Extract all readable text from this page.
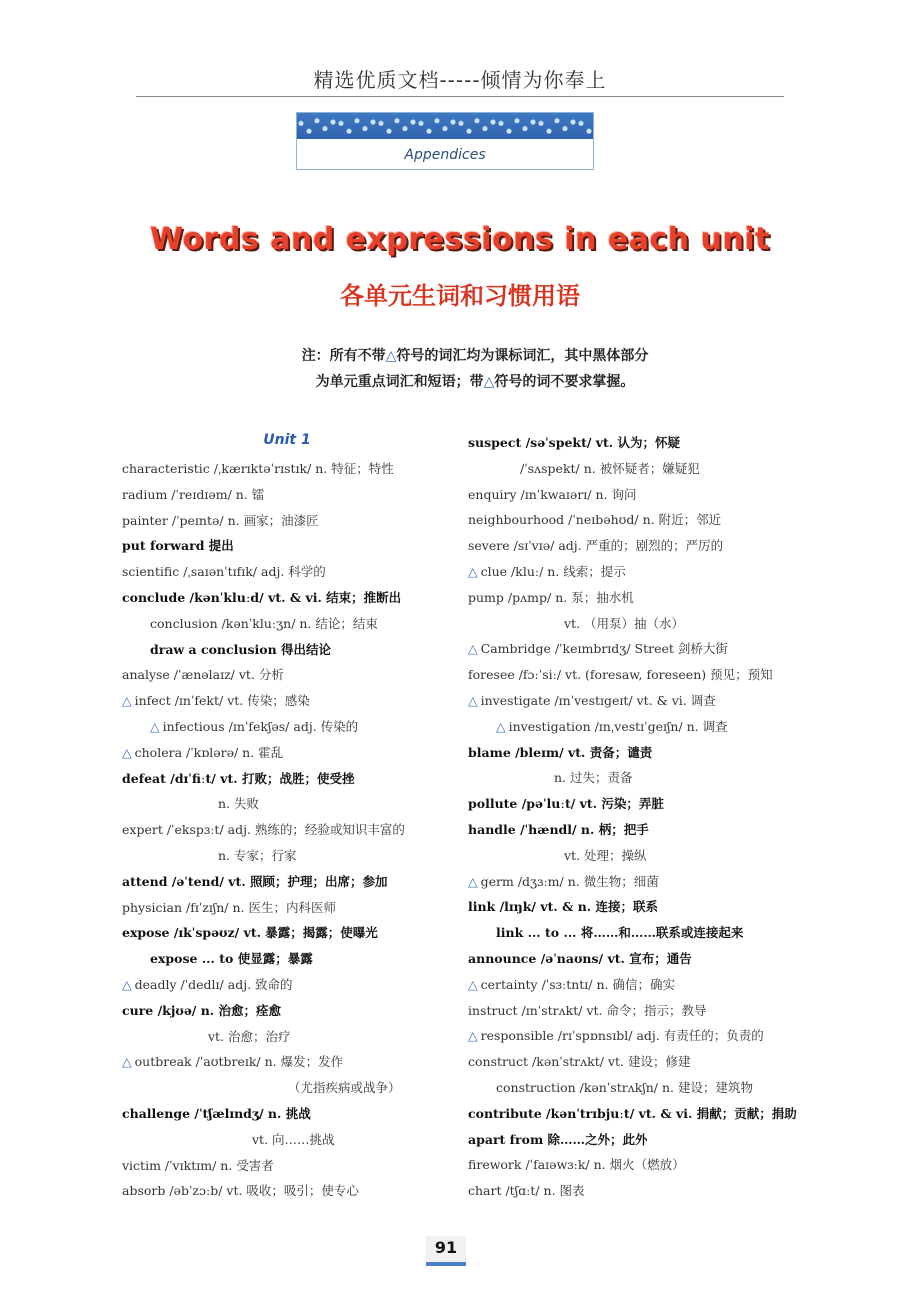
精选优质文档-----倾情为你奉上
Appendices
Words and expressions in each unit
各单元生词和习惯用语
注：所有不带△符号的词汇均为课标词汇，其中黑体部分
为单元重点词汇和短语；带△符号的词不要求掌握。
Unit 1
characteristic /ˌkærɪktəˈrɪstɪk/ n. 特征；特性
radium /ˈreɪdɪəm/ n. 镭
painter /ˈpeɪntə/ n. 画家；油漆匠
put forward 提出
scientific /ˌsaɪənˈtɪfɪk/ adj. 科学的
conclude /kənˈkluːd/ vt. & vi. 结束；推断出
conclusion /kənˈkluːʒn/ n. 结论；结束
draw a conclusion 得出结论
analyse /ˈænəlaɪz/ vt. 分析
△ infect /ɪnˈfekt/ vt. 传染；感染
△ infectious /ɪnˈfekʃəs/ adj. 传染的
△ cholera /ˈkɒlərə/ n. 霍乱
defeat /dɪˈfiːt/ vt. 打败；战胜；使受挫
n. 失败
expert /ˈekspɜːt/ adj. 熟练的；经验或知识丰富的
n. 专家；行家
attend /əˈtend/ vt. 照顾；护理；出席；参加
physician /fɪˈzɪʃn/ n. 医生；内科医师
expose /ɪkˈspəʊz/ vt. 暴露；揭露；使曝光
expose ... to 使显露；暴露
△ deadly /ˈdedlɪ/ adj. 致命的
cure /kjʊə/ n. 治愈；痊愈
vt. 治愈；治疗
△ outbreak /ˈaʊtbreɪk/ n. 爆发；发作
（尤指疾病或战争）
challenge /ˈtʃælɪndʒ/ n. 挑战
vt. 向……挑战
victim /ˈvɪktɪm/ n. 受害者
absorb /əbˈzɔːb/ vt. 吸收；吸引；使专心
suspect /səˈspekt/ vt. 认为；怀疑
/ˈsʌspekt/ n. 被怀疑者；嫌疑犯
enquiry /ɪnˈkwaɪərɪ/ n. 询问
neighbourhood /ˈneɪbəhʊd/ n. 附近；邻近
severe /sɪˈvɪə/ adj. 严重的；剧烈的；严厉的
△ clue /kluː/ n. 线索；提示
pump /pʌmp/ n. 泵；抽水机
vt. （用泵）抽（水）
△ Cambridge /ˈkeɪmbrɪdʒ/ Street 剑桥大街
foresee /fɔːˈsiː/ vt. (foresaw, foreseen) 预见；预知
△ investigate /ɪnˈvestɪgeɪt/ vt. & vi. 调查
△ investigation /ɪnˌvestɪˈgeɪʃn/ n. 调查
blame /bleɪm/ vt. 责备；谴责
n. 过失；责备
pollute /pəˈluːt/ vt. 污染；弄脏
handle /ˈhændl/ n. 柄；把手
vt. 处理；操纵
△ germ /dʒɜːm/ n. 微生物；细菌
link /lɪŋk/ vt. & n. 连接；联系
link ... to ... 将……和……联系或连接起来
announce /əˈnaʊns/ vt. 宣布；通告
△ certainty /ˈsɜːtntɪ/ n. 确信；确实
instruct /ɪnˈstrʌkt/ vt. 命令；指示；教导
△ responsible /rɪˈspɒnsɪbl/ adj. 有责任的；负责的
construct /kənˈstrʌkt/ vt. 建设；修建
construction /kənˈstrʌkʃn/ n. 建设；建筑物
contribute /kənˈtrɪbjuːt/ vt. & vi. 捐献；贡献；捐助
apart from 除……之外；此外
firework /ˈfaɪəwɜːk/ n. 烟火（燃放）
chart /tʃɑːt/ n. 图表
91
